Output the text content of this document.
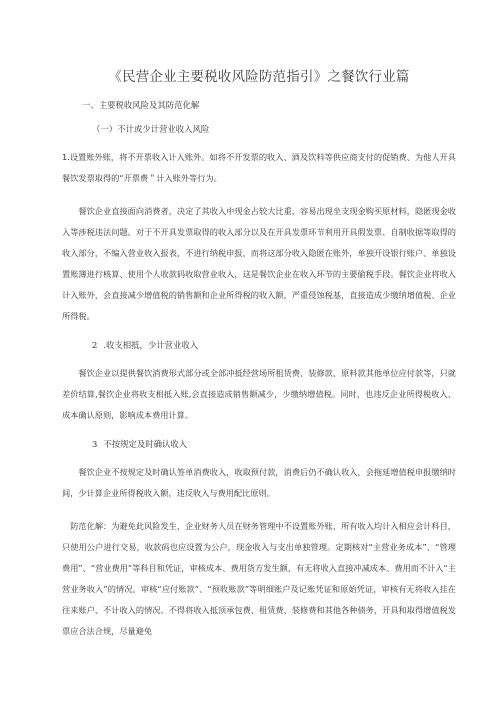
《民营企业主要税收风险防范指引》之餐饮行业篇
一、主要税收风险及其防范化解
（一）不计或少计营业收入风险

1.设置账外账，将不开票收入计入账外。如将不开发票的收入、酒及饮料等供应商支付的促销费、为他人开具餐饮发票取得的“开票费＂计入账外等行为。

餐饮企业直接面向消费者，决定了其收入中现金占较大比重，容易出现坐支现金购买原材料，隐匿现金收入等涉税违法问题。对于不开具发票取得的收入部分以及在开具发票环节利用开具假发票、自制收据等取得的收入部分，不编入营业收入报表，不进行纳税申报，而将这部分收入隐匿在账外，单独开设银行账户、单独设置账簿进行核算、使用个人收款码收取营业收入，这是餐饮企业在收入环节的主要偷税手段。餐饮企业将收入计入账外，会直接减少增值税的销售额和企业所得税的收入额，严重侵蚀税基，直接造成少缴纳增值税、企业所得税。

2 .收支相抵，少计营业收入

餐饮企业以提供餐饮消费形式部分或全部冲抵经营场所租赁费、装修款、原料款其他单位应付款等，只就差价结算,餐饮企业将收支相抵入账,会直接造成销售额减少，少缴纳增值税。同时，也违反企业所得税收入、成本确认原则，影响成本费用计算。

3 不按规定及时确认收入

餐饮企业不按规定及时确认签单消费收入，收取预付款，消费后仍不确认收入，会拖延增值税申报缴纳时间，少计算企业所得税收入额，违反收入与费用配比原则。

防范化解：为避免此风险发生，企业财务人员在财务管理中不设置账外账，所有收入均计入相应会计科目，只使用公户进行交易，收款码也应设置为公户，现金收入与支出单独管理。定期核对“主营业务成本”、“管理费用”、“营业费用”等科目和凭证，审核成本、费用货方发生额，有无将收入直接冲减成本、费用而不计入“主营业务收入”的情况。审核“应付账款”、“预收账款”等明细账户及记账凭证和原始凭证，审核有无将收入挂在往来账户、不计收入的情况。不得将收入抵顶承包费、租赁费、装修费和其他各种债务，开具和取得增值税发票应合法合规，尽量避免
